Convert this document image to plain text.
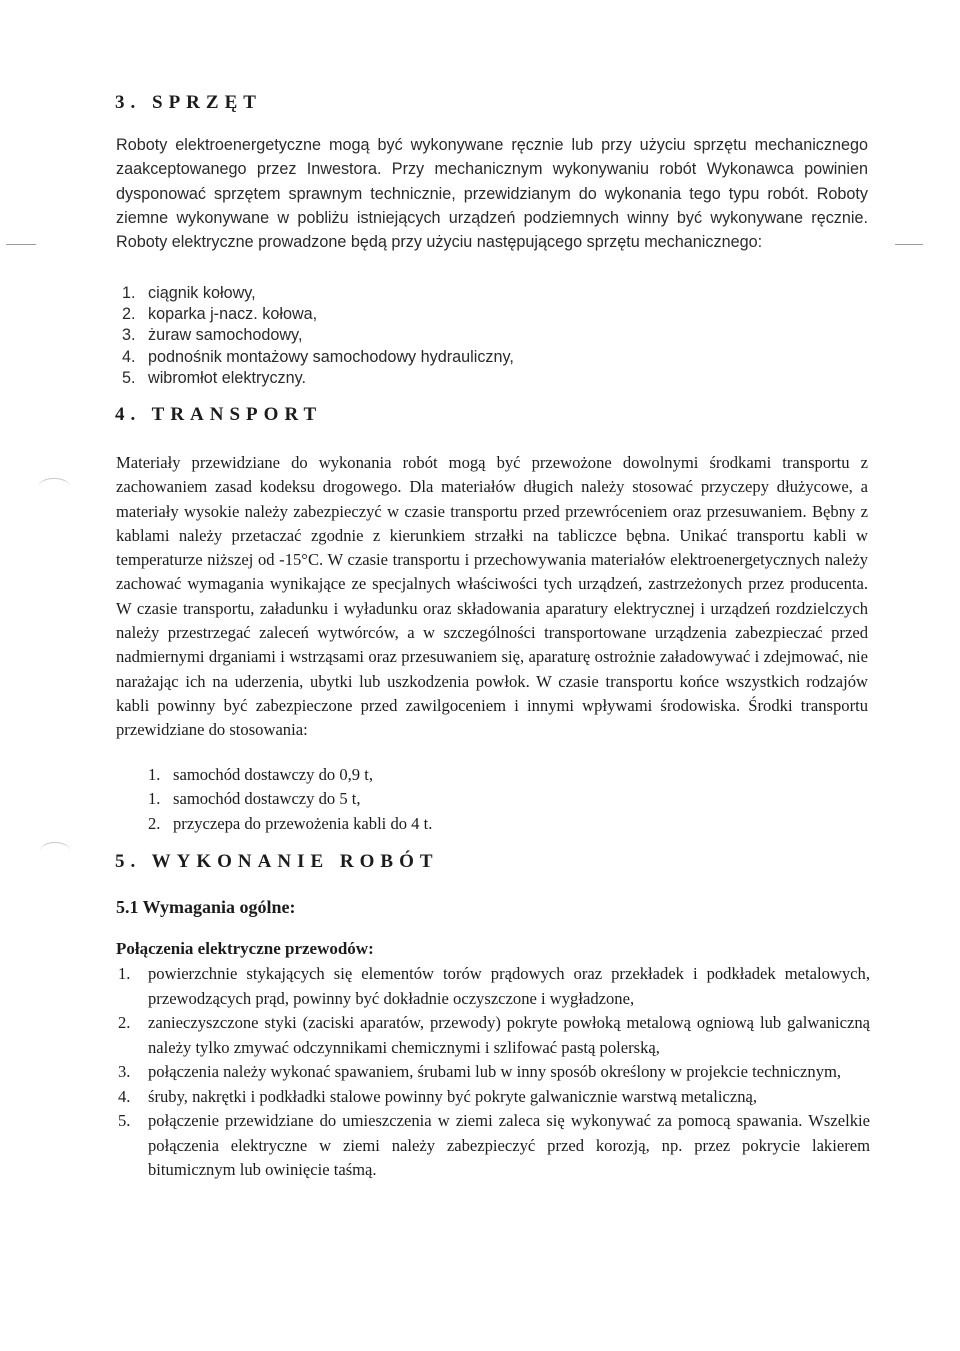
3. SPRZĘT

Roboty elektroenergetyczne mogą być wykonywane ręcznie lub przy użyciu sprzętu mechanicznego zaakceptowanego przez Inwestora. Przy mechanicznym wykonywaniu robót Wykonawca powinien dysponować sprzętem sprawnym technicznie, przewidzianym do wykonania tego typu robót. Roboty ziemne wykonywane w pobliżu istniejących urządzeń podziemnych winny być wykonywane ręcznie. Roboty elektryczne prowadzone będą przy użyciu następującego sprzętu mechanicznego:

1. ciągnik kołowy,
2. koparka j-nacz. kołowa,
3. żuraw samochodowy,
4. podnośnik montażowy samochodowy hydrauliczny,
5. wibromłot elektryczny.
4. TRANSPORT

Materiały przewidziane do wykonania robót mogą być przewożone dowolnymi środkami transportu z zachowaniem zasad kodeksu drogowego. Dla materiałów długich należy stosować przyczepy dłużycowe, a materiały wysokie należy zabezpieczyć w czasie transportu przed przewróceniem oraz przesuwaniem. Bębny z kablami należy przetaczać zgodnie z kierunkiem strzałki na tabliczce bębna. Unikać transportu kabli w temperaturze niższej od -15°C. W czasie transportu i przechowywania materiałów elektroenergetycznych należy zachować wymagania wynikające ze specjalnych właściwości tych urządzeń, zastrzeżonych przez producenta. W czasie transportu, załadunku i wyładunku oraz składowania aparatury elektrycznej i urządzeń rozdzielczych należy przestrzegać zaleceń wytwórców, a w szczególności transportowane urządzenia zabezpieczać przed nadmiernymi drganiami i wstrząsami oraz przesuwaniem się, aparaturę ostrożnie załadowywać i zdejmować, nie narażając ich na uderzenia, ubytki lub uszkodzenia powłok. W czasie transportu końce wszystkich rodzajów kabli powinny być zabezpieczone przed zawilgoceniem i innymi wpływami środowiska. Środki transportu przewidziane do stosowania:

1. samochód dostawczy do 0,9 t,
1. samochód dostawczy do 5 t,
2. przyczepa do przewożenia kabli do 4 t.
5. WYKONANIE ROBÓT
5.1 Wymagania ogólne:
Połączenia elektryczne przewodów:
1. powierzchnie stykających się elementów torów prądowych oraz przekładek i podkładek metalowych, przewodzących prąd, powinny być dokładnie oczyszczone i wygładzone,
2. zanieczyszczone styki (zaciski aparatów, przewody) pokryte powłoką metalową ogniową lub galwaniczną należy tylko zmywać odczynnikami chemicznymi i szlifować pastą polerską,
3. połączenia należy wykonać spawaniem, śrubami lub w inny sposób określony w projekcie technicznym,
4. śruby, nakrętki i podkładki stalowe powinny być pokryte galwanicznie warstwą metaliczną,
5. połączenie przewidziane do umieszczenia w ziemi zaleca się wykonywać za pomocą spawania. Wszelkie połączenia elektryczne w ziemi należy zabezpieczyć przed korozją, np. przez pokrycie lakierem bitumicznym lub owinięcie taśmą.
